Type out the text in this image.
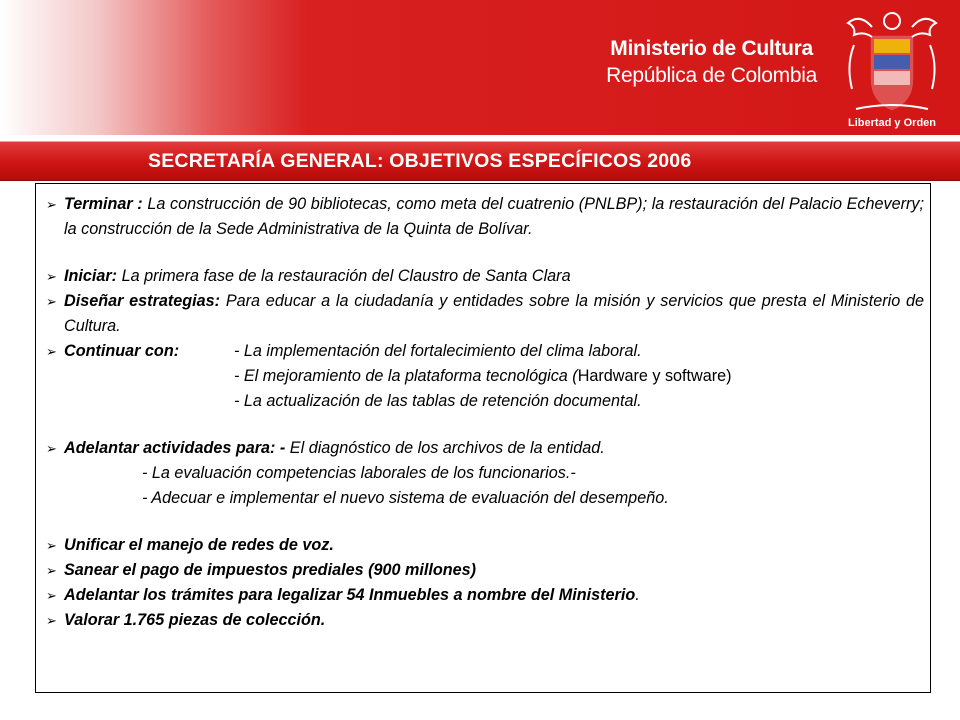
Ministerio de Cultura
República de Colombia
Libertad y Orden
SECRETARÍA GENERAL: OBJETIVOS ESPECÍFICOS 2006
➢ Terminar : La construcción de 90 bibliotecas, como meta del cuatrenio (PNLBP); la restauración del Palacio Echeverry; la construcción de la Sede Administrativa de la Quinta de Bolívar.
➢ Iniciar: La primera fase de la restauración del Claustro de Santa Clara
➢ Diseñar estrategias: Para educar a la ciudadanía y entidades sobre la misión y servicios que presta el Ministerio de Cultura.
➢ Continuar con:	- La implementación del fortalecimiento del clima laboral.
- El mejoramiento de la plataforma tecnológica (Hardware y software)
- La actualización de las tablas de retención documental.
➢ Adelantar actividades para: - El diagnóstico de los archivos de la entidad.
- La evaluación competencias laborales de los funcionarios.-
- Adecuar e implementar el nuevo sistema de evaluación del desempeño.
➢ Unificar el manejo de redes de voz.
➢ Sanear el pago de impuestos prediales (900 millones)
➢ Adelantar los trámites para legalizar 54 Inmuebles a nombre del Ministerio.
➢ Valorar 1.765 piezas de colección.
